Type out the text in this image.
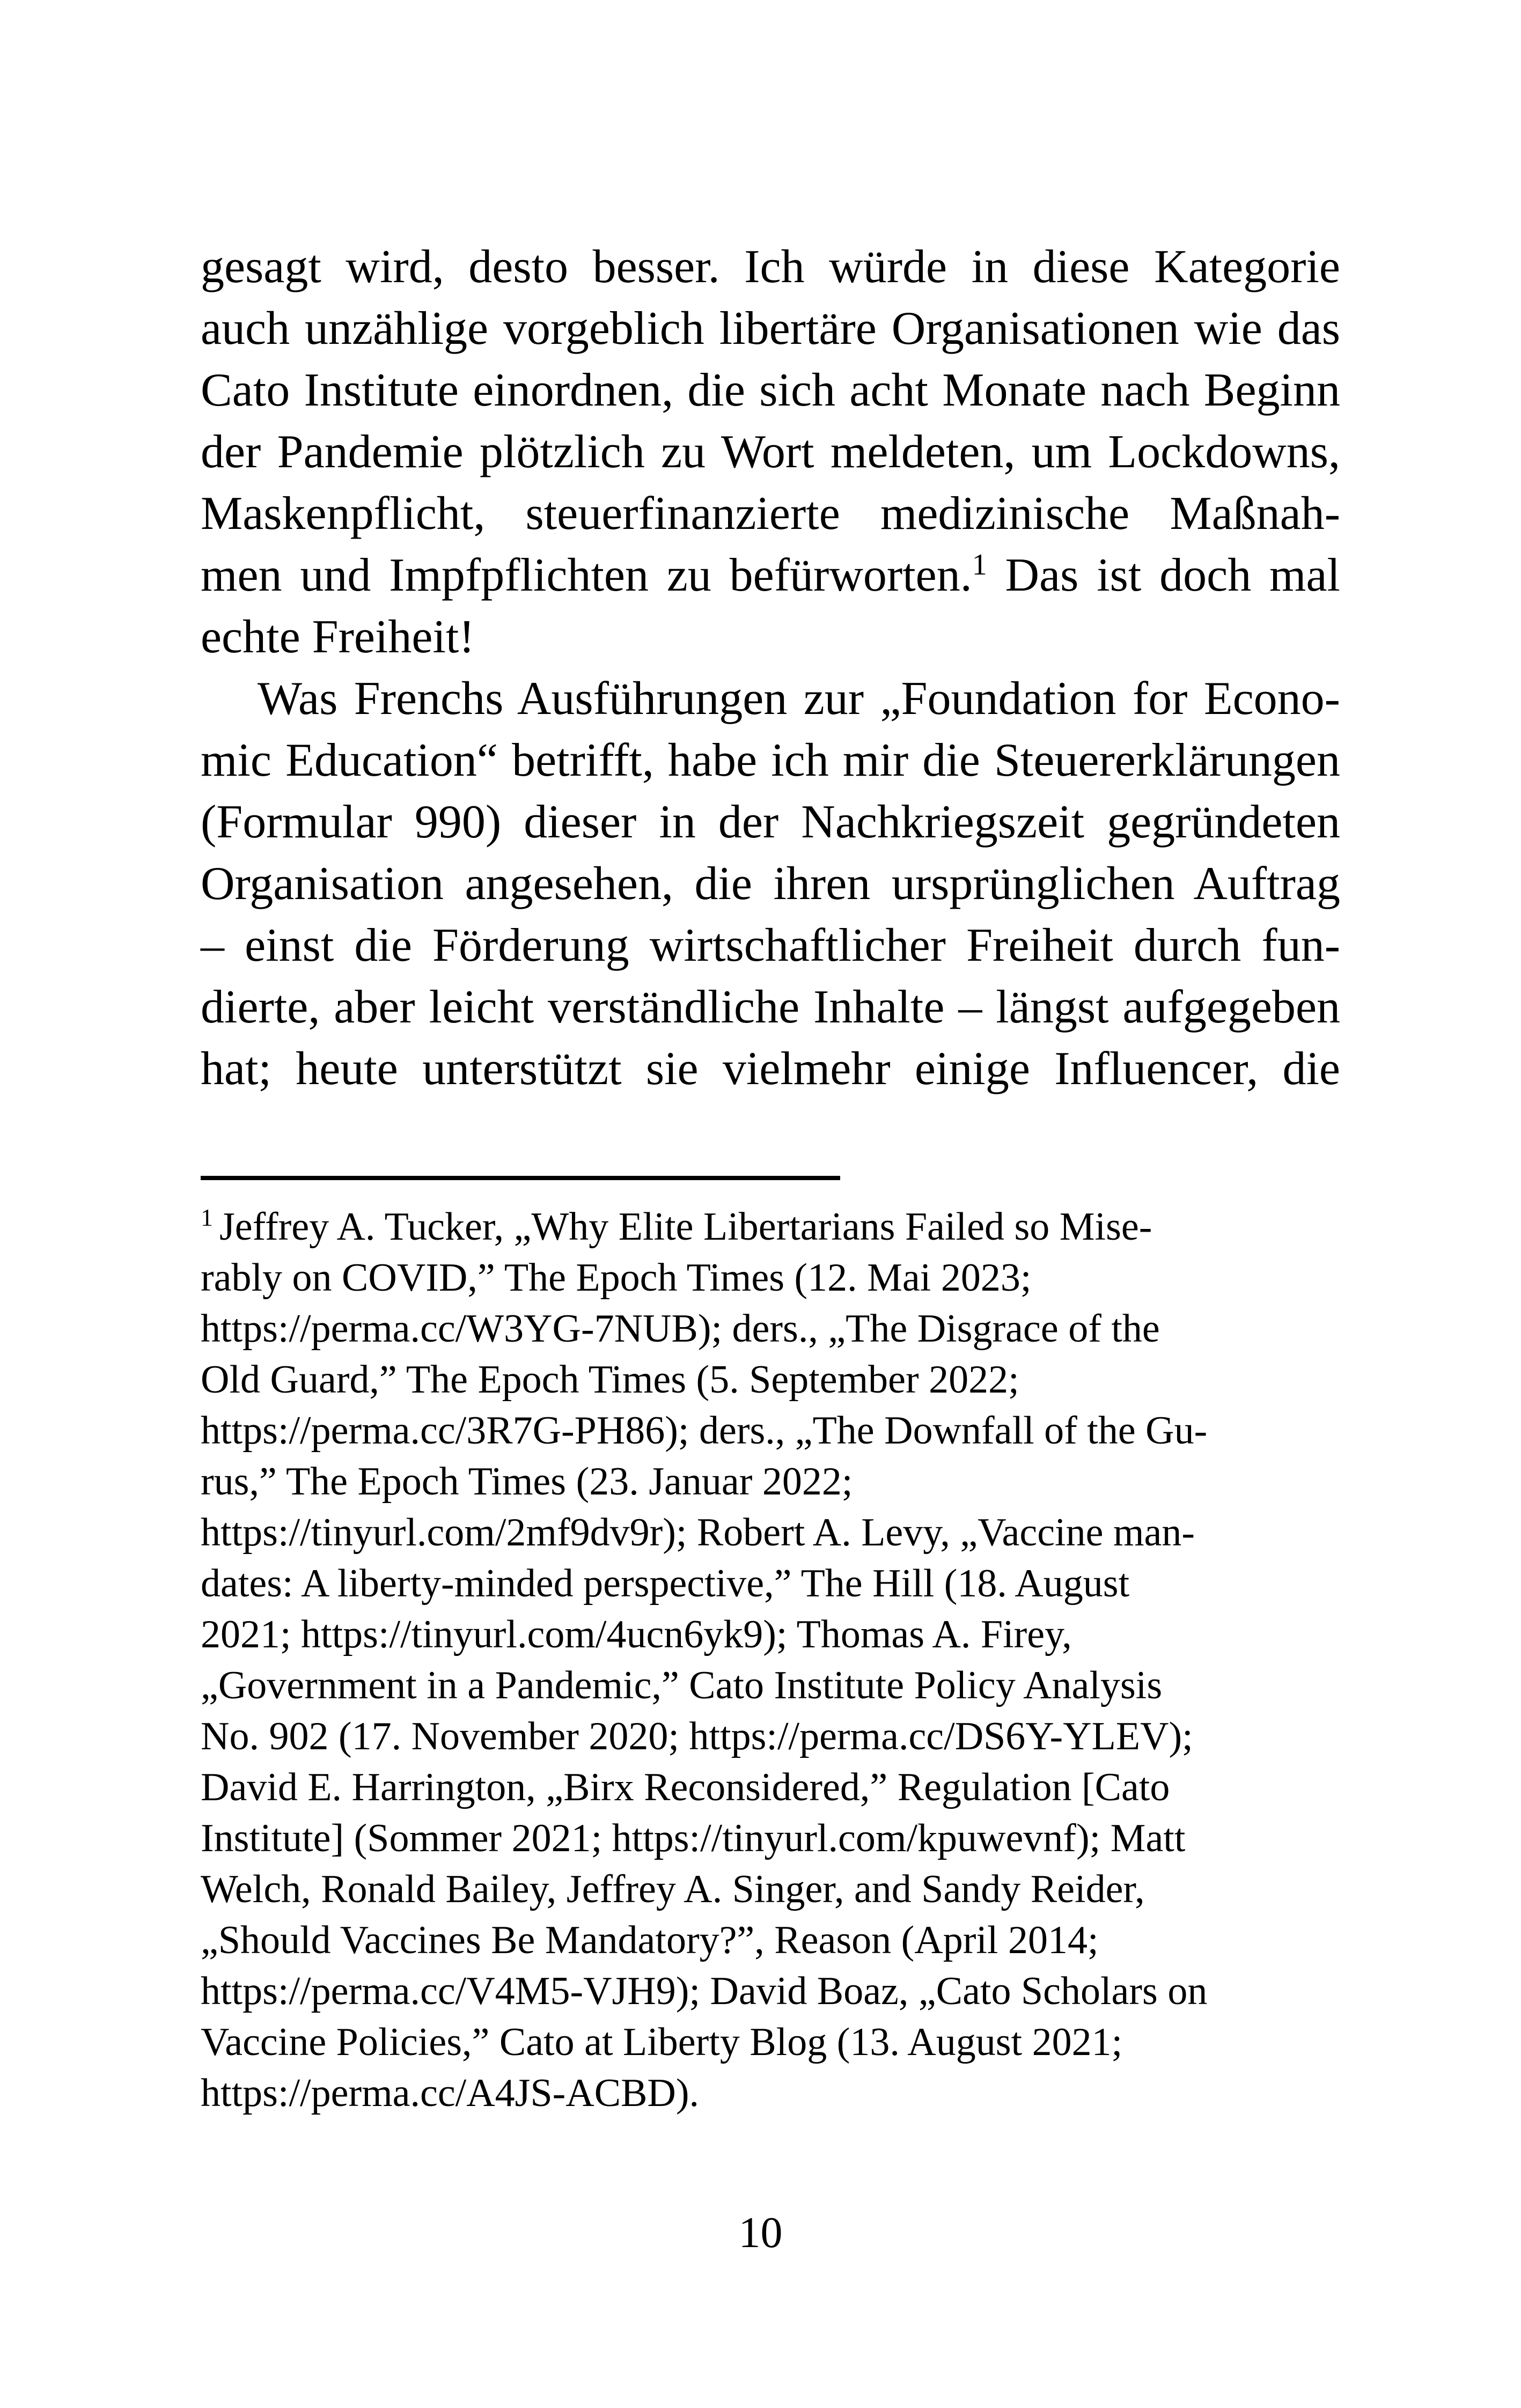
gesagt wird, desto besser. Ich würde in diese Kategorie
auch unzählige vorgeblich libertäre Organisationen wie das
Cato Institute einordnen, die sich acht Monate nach Beginn
der Pandemie plötzlich zu Wort meldeten, um Lockdowns,
Maskenpflicht, steuerfinanzierte medizinische Maßnah-
men und Impfpflichten zu befürworten.$^1$ Das ist doch mal
echte Freiheit!
Was Frenchs Ausführungen zur „Foundation for Econo-
mic Education“ betrifft, habe ich mir die Steuererklärungen
(Formular 990) dieser in der Nachkriegszeit gegründeten
Organisation angesehen, die ihren ursprünglichen Auftrag
– einst die Förderung wirtschaftlicher Freiheit durch fun-
dierte, aber leicht verständliche Inhalte – längst aufgegeben
hat; heute unterstützt sie vielmehr einige Influencer, die
$^1$ Jeffrey A. Tucker, „Why Elite Libertarians Failed so Mise-
rably on COVID,” The Epoch Times (12. Mai 2023;
https://perma.cc/W3YG-7NUB); ders., „The Disgrace of the
Old Guard,” The Epoch Times (5. September 2022;
https://perma.cc/3R7G-PH86); ders., „The Downfall of the Gu-
rus,” The Epoch Times (23. Januar 2022;
https://tinyurl.com/2mf9dv9r); Robert A. Levy, „Vaccine man-
dates: A liberty-minded perspective,” The Hill (18. August
2021; https://tinyurl.com/4ucn6yk9); Thomas A. Firey,
„Government in a Pandemic,” Cato Institute Policy Analysis
No. 902 (17. November 2020; https://perma.cc/DS6Y-YLEV);
David E. Harrington, „Birx Reconsidered,” Regulation [Cato
Institute] (Sommer 2021; https://tinyurl.com/kpuwevnf); Matt
Welch, Ronald Bailey, Jeffrey A. Singer, and Sandy Reider,
„Should Vaccines Be Mandatory?”, Reason (April 2014;
https://perma.cc/V4M5-VJH9); David Boaz, „Cato Scholars on
Vaccine Policies,” Cato at Liberty Blog (13. August 2021;
https://perma.cc/A4JS-ACBD).
10
